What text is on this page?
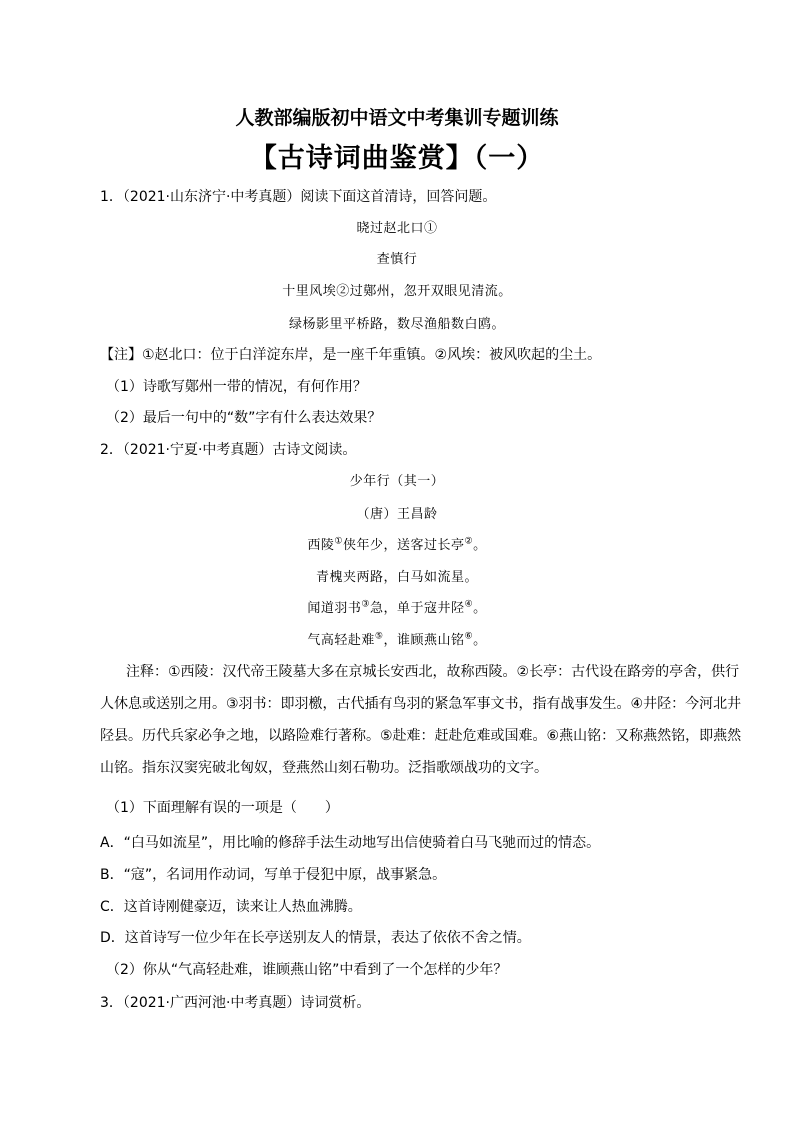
人教部编版初中语文中考集训专题训练
【古诗词曲鉴赏】（一）
1．（2021·山东济宁·中考真题）阅读下面这首清诗，回答问题。
晓过赵北口①
查慎行
十里风埃②过鄚州，忽开双眼见清流。
绿杨影里平桥路，数尽渔船数白鸥。
【注】①赵北口：位于白洋淀东岸，是一座千年重镇。②风埃：被风吹起的尘土。
（1）诗歌写鄚州一带的情况，有何作用？
（2）最后一句中的“数”字有什么表达效果？
2．（2021·宁夏·中考真题）古诗文阅读。
少年行（其一）
（唐）王昌龄
西陵①侠年少，送客过长亭②。
青槐夹两路，白马如流星。
闻道羽书③急，单于寇井陉④。
气高轻赴难⑤，谁顾燕山铭⑥。
注释：①西陵：汉代帝王陵墓大多在京城长安西北，故称西陵。②长亭：古代设在路旁的亭舍，供行
人休息或送别之用。③羽书：即羽檄，古代插有鸟羽的紧急军事文书，指有战事发生。④井陉：今河北井
陉县。历代兵家必争之地，以路险难行著称。⑤赴难：赶赴危难或国难。⑥燕山铭：又称燕然铭，即燕然
山铭。指东汉窦宪破北匈奴，登燕然山刻石勒功。泛指歌颂战功的文字。
（1）下面理解有误的一项是（　　）
A．“白马如流星”，用比喻的修辞手法生动地写出信使骑着白马飞驰而过的情态。
B．“寇”，名词用作动词，写单于侵犯中原，战事紧急。
C．这首诗刚健豪迈，读来让人热血沸腾。
D．这首诗写一位少年在长亭送别友人的情景，表达了依依不舍之情。
（2）你从“气高轻赴难，谁顾燕山铭”中看到了一个怎样的少年？
3．（2021·广西河池·中考真题）诗词赏析。
